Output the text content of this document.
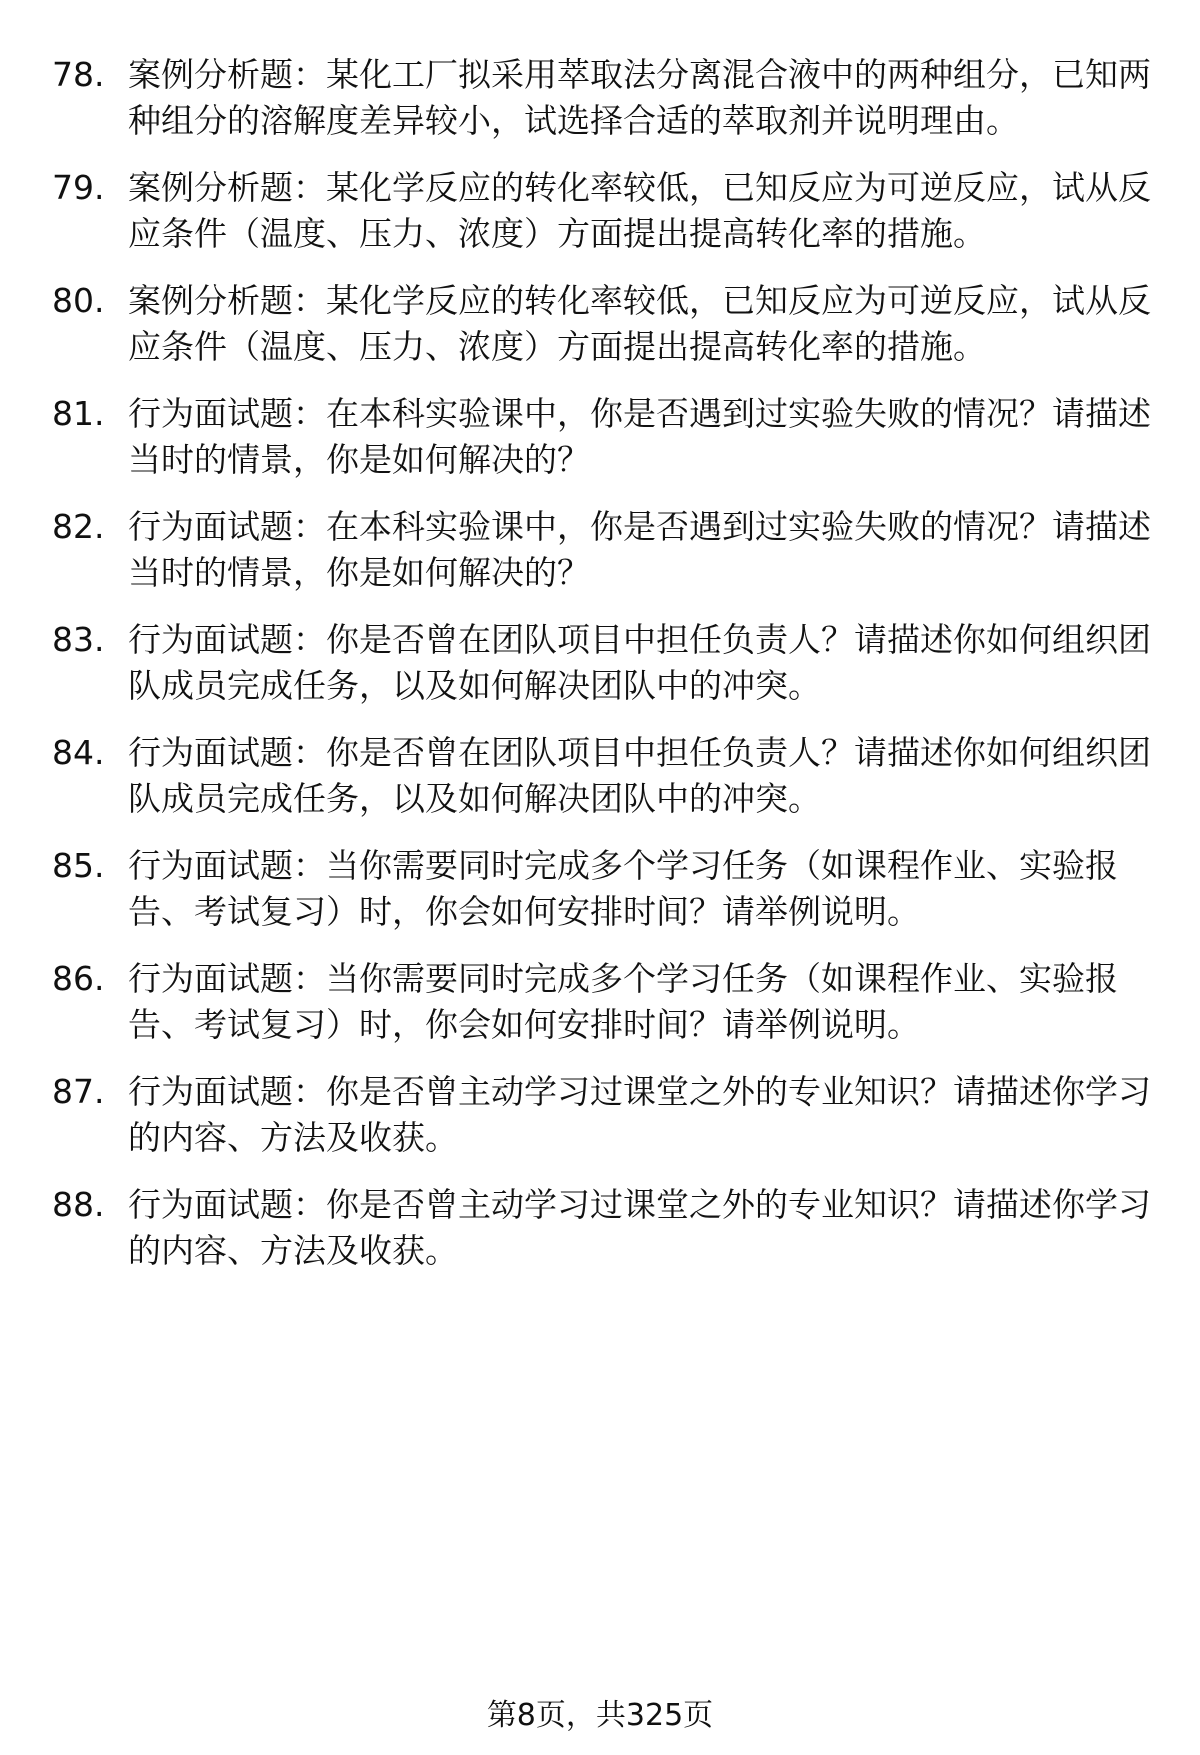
78. 案例分析题：某化工厂拟采用萃取法分离混合液中的两种组分，已知两种组分的溶解度差异较小，试选择合适的萃取剂并说明理由。
79. 案例分析题：某化学反应的转化率较低，已知反应为可逆反应，试从反应条件（温度、压力、浓度）方面提出提高转化率的措施。
80. 案例分析题：某化学反应的转化率较低，已知反应为可逆反应，试从反应条件（温度、压力、浓度）方面提出提高转化率的措施。
81. 行为面试题：在本科实验课中，你是否遇到过实验失败的情况？请描述当时的情景，你是如何解决的？
82. 行为面试题：在本科实验课中，你是否遇到过实验失败的情况？请描述当时的情景，你是如何解决的？
83. 行为面试题：你是否曾在团队项目中担任负责人？请描述你如何组织团队成员完成任务，以及如何解决团队中的冲突。
84. 行为面试题：你是否曾在团队项目中担任负责人？请描述你如何组织团队成员完成任务，以及如何解决团队中的冲突。
85. 行为面试题：当你需要同时完成多个学习任务（如课程作业、实验报告、考试复习）时，你会如何安排时间？请举例说明。
86. 行为面试题：当你需要同时完成多个学习任务（如课程作业、实验报告、考试复习）时，你会如何安排时间？请举例说明。
87. 行为面试题：你是否曾主动学习过课堂之外的专业知识？请描述你学习的内容、方法及收获。
88. 行为面试题：你是否曾主动学习过课堂之外的专业知识？请描述你学习的内容、方法及收获。
第8页，共325页
